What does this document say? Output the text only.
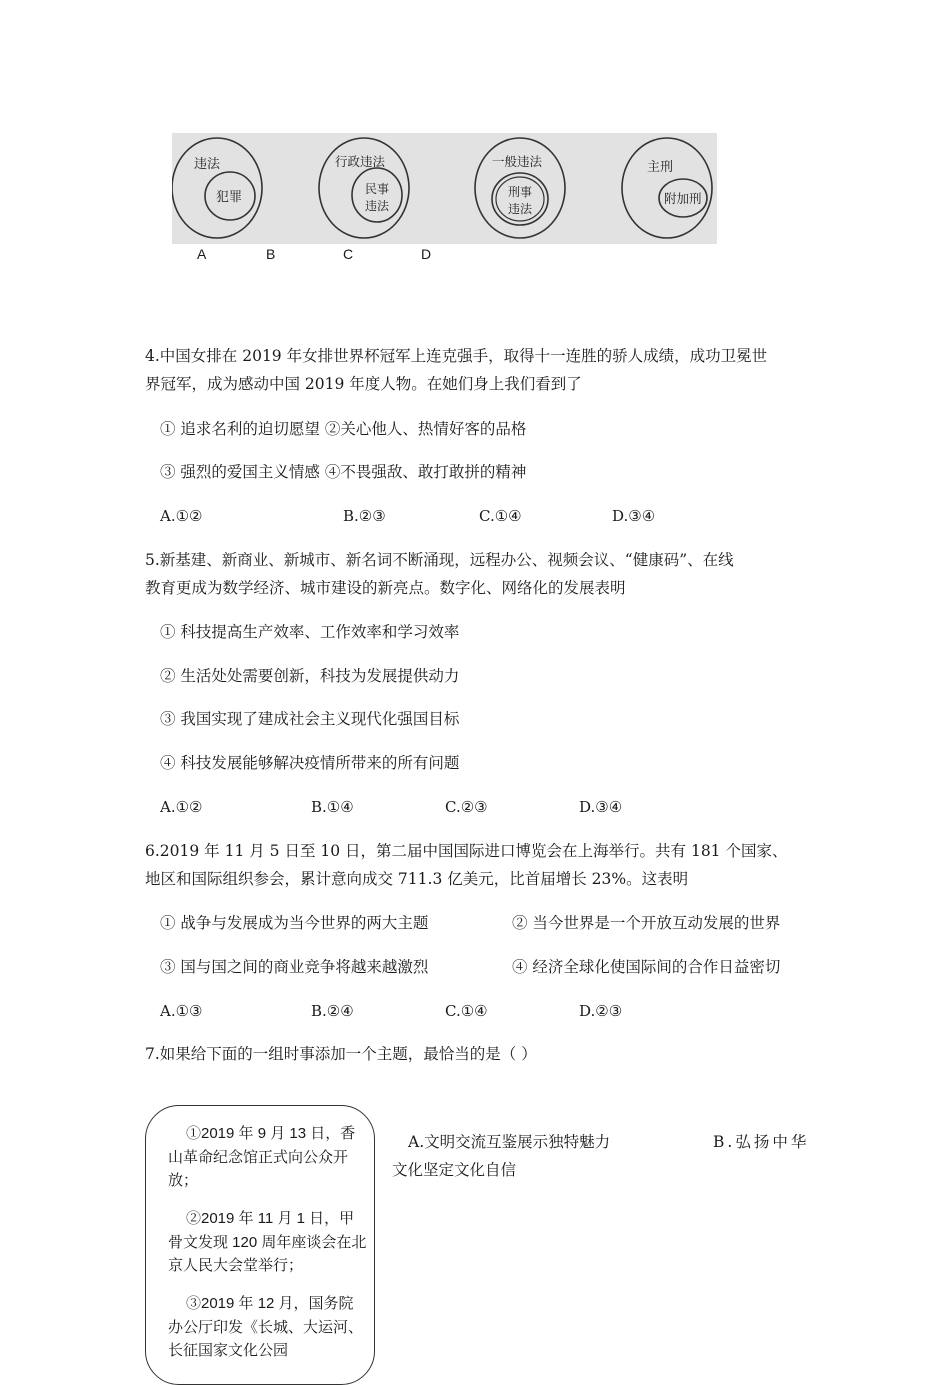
违法
犯罪
行政违法
民事
违法
一般违法
刑事
违法
主刑
附加刑
A	B	C	D
4.中国女排在 2019 年女排世界杯冠军上连克强手，取得十一连胜的骄人成绩，成功卫冕世
界冠军，成为感动中国 2019 年度人物。在她们身上我们看到了
① 追求名利的迫切愿望 ②关心他人、热情好客的品格
③ 强烈的爱国主义情感 ④不畏强敌、敢打敢拼的精神
A.①②	B.②③	C.①④	D.③④
5.新基建、新商业、新城市、新名词不断涌现，远程办公、视频会议、“健康码”、在线
教育更成为数学经济、城市建设的新亮点。数字化、网络化的发展表明
① 科技提高生产效率、工作效率和学习效率
② 生活处处需要创新，科技为发展提供动力
③ 我国实现了建成社会主义现代化强国目标
④ 科技发展能够解决疫情所带来的所有问题
A.①②	B.①④	C.②③	D.③④
6.2019 年 11 月 5 日至 10 日，第二届中国国际进口博览会在上海举行。共有 181 个国家、
地区和国际组织参会，累计意向成交 711.3 亿美元，比首届增长 23%。这表明
① 战争与发展成为当今世界的两大主题	② 当今世界是一个开放互动发展的世界
③ 国与国之间的商业竞争将越来越激烈	④ 经济全球化使国际间的合作日益密切
A.①③	B.②④	C.①④	D.②③
7.如果给下面的一组时事添加一个主题，最恰当的是（ ）
①2019 年 9 月 13 日，香山革命纪念馆正式向公众开放；
②2019 年 11 月 1 日，甲骨文发现 120 周年座谈会在北京人民大会堂举行；
③2019 年 12 月，国务院办公厅印发《长城、大运河、长征国家文化公园
A.文明交流互鉴展示独特魅力	B.弘扬中华
文化坚定文化自信
